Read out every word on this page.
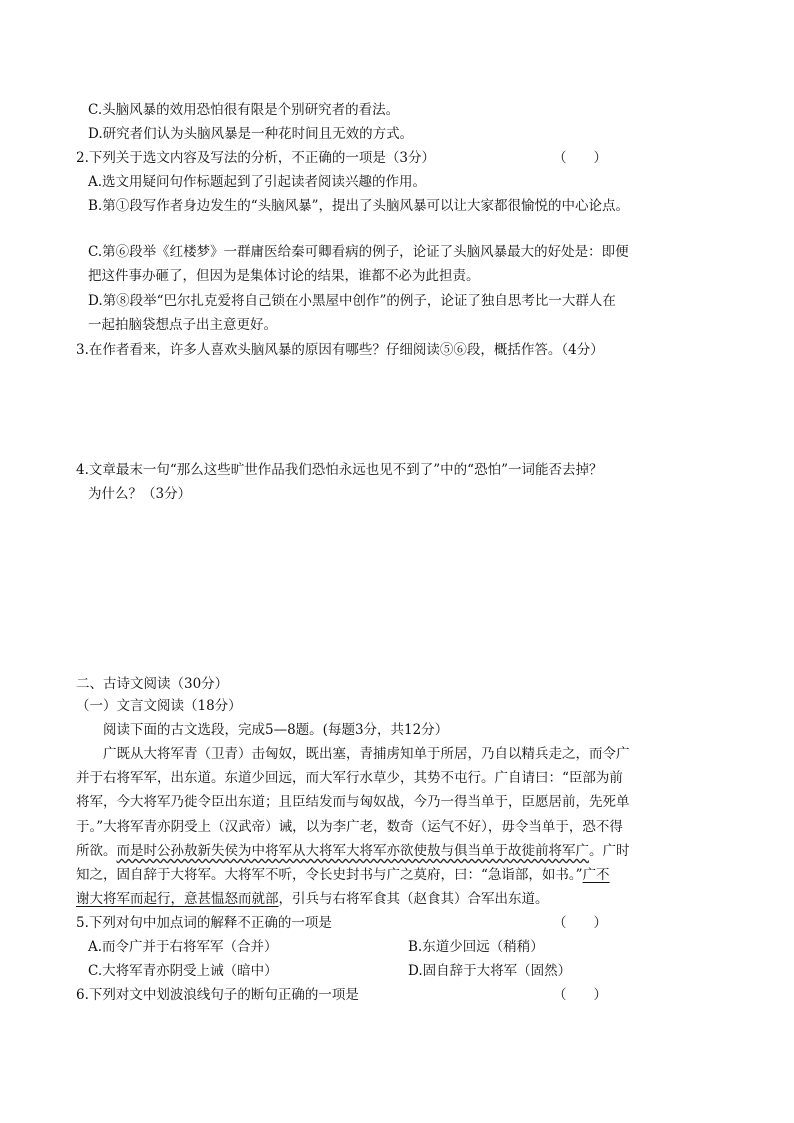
C.头脑风暴的效用恐怕很有限是个别研究者的看法。
D.研究者们认为头脑风暴是一种花时间且无效的方式。
2.下列关于选文内容及写法的分析，不正确的一项是（3分）	（　　）
A.选文用疑问句作标题起到了引起读者阅读兴趣的作用。
B.第①段写作者身边发生的“头脑风暴”，提出了头脑风暴可以让大家都很愉悦的中心论点。
C.第⑥段举《红楼梦》一群庸医给秦可卿看病的例子，论证了头脑风暴最大的好处是：即便
把这件事办砸了，但因为是集体讨论的结果，谁都不必为此担责。
D.第⑧段举“巴尔扎克爱将自己锁在小黑屋中创作”的例子，论证了独自思考比一大群人在
一起拍脑袋想点子出主意更好。
3.在作者看来，许多人喜欢头脑风暴的原因有哪些？仔细阅读⑤⑥段，概括作答。（4分）
4.文章最末一句“那么这些旷世作品我们恐怕永远也见不到了”中的“恐怕”一词能否去掉？
为什么？（3分）
二、古诗文阅读（30分）
（一）文言文阅读（18分）
阅读下面的古文选段，完成5—8题。(每题3分，共12分）
广既从大将军青（卫青）击匈奴，既出塞，青捕虏知单于所居，乃自以精兵走之，而令广
并于右将军军，出东道。东道少回远，而大军行水草少，其势不屯行。广自请曰：“臣部为前
将军，今大将军乃徙令臣出东道；且臣结发而与匈奴战，今乃一得当单于，臣愿居前，先死单
于。”大将军青亦阴受上（汉武帝）诫，以为李广老，数奇（运气不好），毋令当单于，恐不得
所欲。而是时公孙敖新失侯为中将军从大将军大将军亦欲使敖与俱当单于故徙前将军广。广时
知之，固自辞于大将军。大将军不听，令长史封书与广之莫府，曰：“急诣部，如书。”广不
谢大将军而起行，意甚愠怒而就部，引兵与右将军食其（赵食其）合军出东道。
5.下列对句中加点词的解释不正确的一项是	（　　）
A.而令广并于右将军军（合并）	B.东道少回远（稍稍）
C.大将军青亦阴受上诫（暗中）	D.固自辞于大将军（固然）
6.下列对文中划波浪线句子的断句正确的一项是	（　　）
